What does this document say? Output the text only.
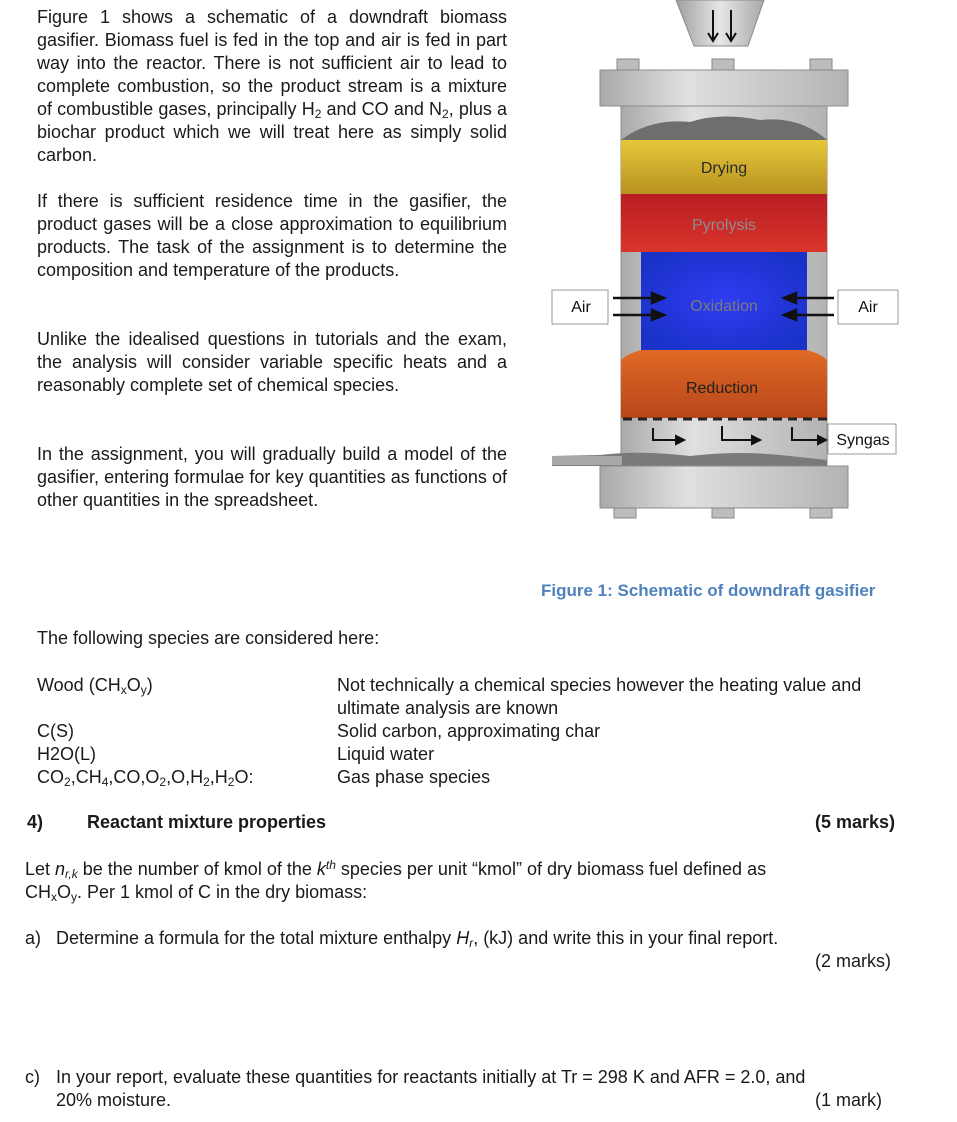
Figure 1 shows a schematic of a downdraft biomass gasifier. Biomass fuel is fed in the top and air is fed in part way into the reactor. There is not sufficient air to lead to complete combustion, so the product stream is a mixture of combustible gases, principally $H_2$ and CO and $N_2$, plus a biochar product which we will treat here as simply solid carbon.
If there is sufficient residence time in the gasifier, the product gases will be a close approximation to equilibrium products. The task of the assignment is to determine the composition and temperature of the products.
Unlike the idealised questions in tutorials and the exam, the analysis will consider variable specific heats and a reasonably complete set of chemical species.
In the assignment, you will gradually build a model of the gasifier, entering formulae for key quantities as functions of other quantities in the spreadsheet.
Drying
Pyrolysis
Oxidation
Reduction
Air	Air
Syngas
Figure 1: Schematic of downdraft gasifier
The following species are considered here:
Wood $(CH_xO_y)$	Not technically a chemical species however the heating value and ultimate analysis are known
C(S)	Solid carbon, approximating char
H2O(L)	Liquid water
$CO_2,CH_4,CO,O_2,O,H_2,H_2O$:	Gas phase species
4) Reactant mixture properties	(5 marks)
Let $n_{r,k}$ be the number of kmol of the $k^{th}$ species per unit “kmol” of dry biomass fuel defined as
$CH_xO_y$. Per 1 kmol of C in the dry biomass:
a) Determine a formula for the total mixture enthalpy $H_r$, (kJ) and write this in your final report.
(2 marks)
c) In your report, evaluate these quantities for reactants initially at Tr = 298 K and AFR = 2.0, and
20% moisture.	(1 mark)
